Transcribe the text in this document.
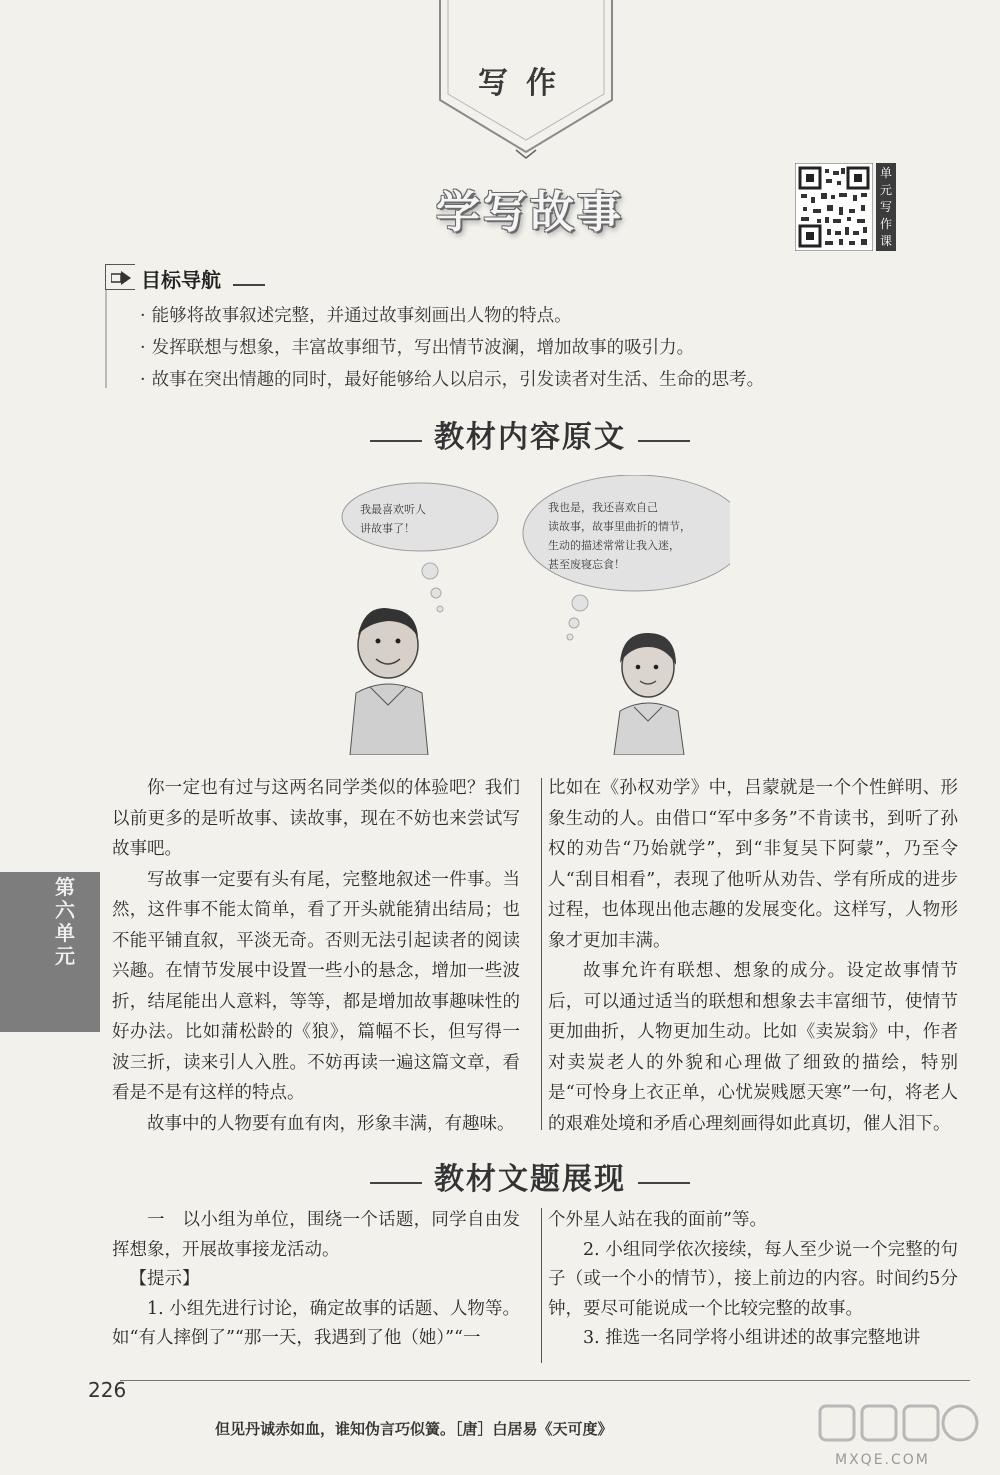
写作
学写故事
单元写作课
目标导航
· 能够将故事叙述完整，并通过故事刻画出人物的特点。
· 发挥联想与想象，丰富故事细节，写出情节波澜，增加故事的吸引力。
· 故事在突出情趣的同时，最好能够给人以启示，引发读者对生活、生命的思考。
教材内容原文
我最喜欢听人
讲故事了！
我也是，我还喜欢自己
读故事，故事里曲折的情节，
生动的描述常常让我入迷，
甚至废寝忘食！

你一定也有过与这两名同学类似的体验吧？我们以前更多的是听故事、读故事，现在不妨也来尝试写故事吧。

写故事一定要有头有尾，完整地叙述一件事。当然，这件事不能太简单，看了开头就能猜出结局；也不能平铺直叙，平淡无奇。否则无法引起读者的阅读兴趣。在情节发展中设置一些小的悬念，增加一些波折，结尾能出人意料，等等，都是增加故事趣味性的好办法。比如蒲松龄的《狼》，篇幅不长，但写得一波三折，读来引人入胜。不妨再读一遍这篇文章，看看是不是有这样的特点。

故事中的人物要有血有肉，形象丰满，有趣味。

比如在《孙权劝学》中，吕蒙就是一个个性鲜明、形象生动的人。由借口“军中多务”不肯读书，到听了孙权的劝告“乃始就学”，到“非复吴下阿蒙”，乃至令人“刮目相看”，表现了他听从劝告、学有所成的进步过程，也体现出他志趣的发展变化。这样写，人物形象才更加丰满。

故事允许有联想、想象的成分。设定故事情节后，可以通过适当的联想和想象去丰富细节，使情节更加曲折，人物更加生动。比如《卖炭翁》中，作者对卖炭老人的外貌和心理做了细致的描绘，特别是“可怜身上衣正单，心忧炭贱愿天寒”一句，将老人的艰难处境和矛盾心理刻画得如此真切，催人泪下。

第六单元
教材文题展现

一　以小组为单位，围绕一个话题，同学自由发挥想象，开展故事接龙活动。

【提示】

1. 小组先进行讨论，确定故事的话题、人物等。如“有人摔倒了”“那一天，我遇到了他（她）”“一

个外星人站在我的面前”等。

2. 小组同学依次接续，每人至少说一个完整的句子（或一个小的情节），接上前边的内容。时间约5分钟，要尽可能说成一个比较完整的故事。

3. 推选一名同学将小组讲述的故事完整地讲

226
但见丹诚赤如血，谁知伪言巧似簧。［唐］白居易《天可度》
MXQE.COM
